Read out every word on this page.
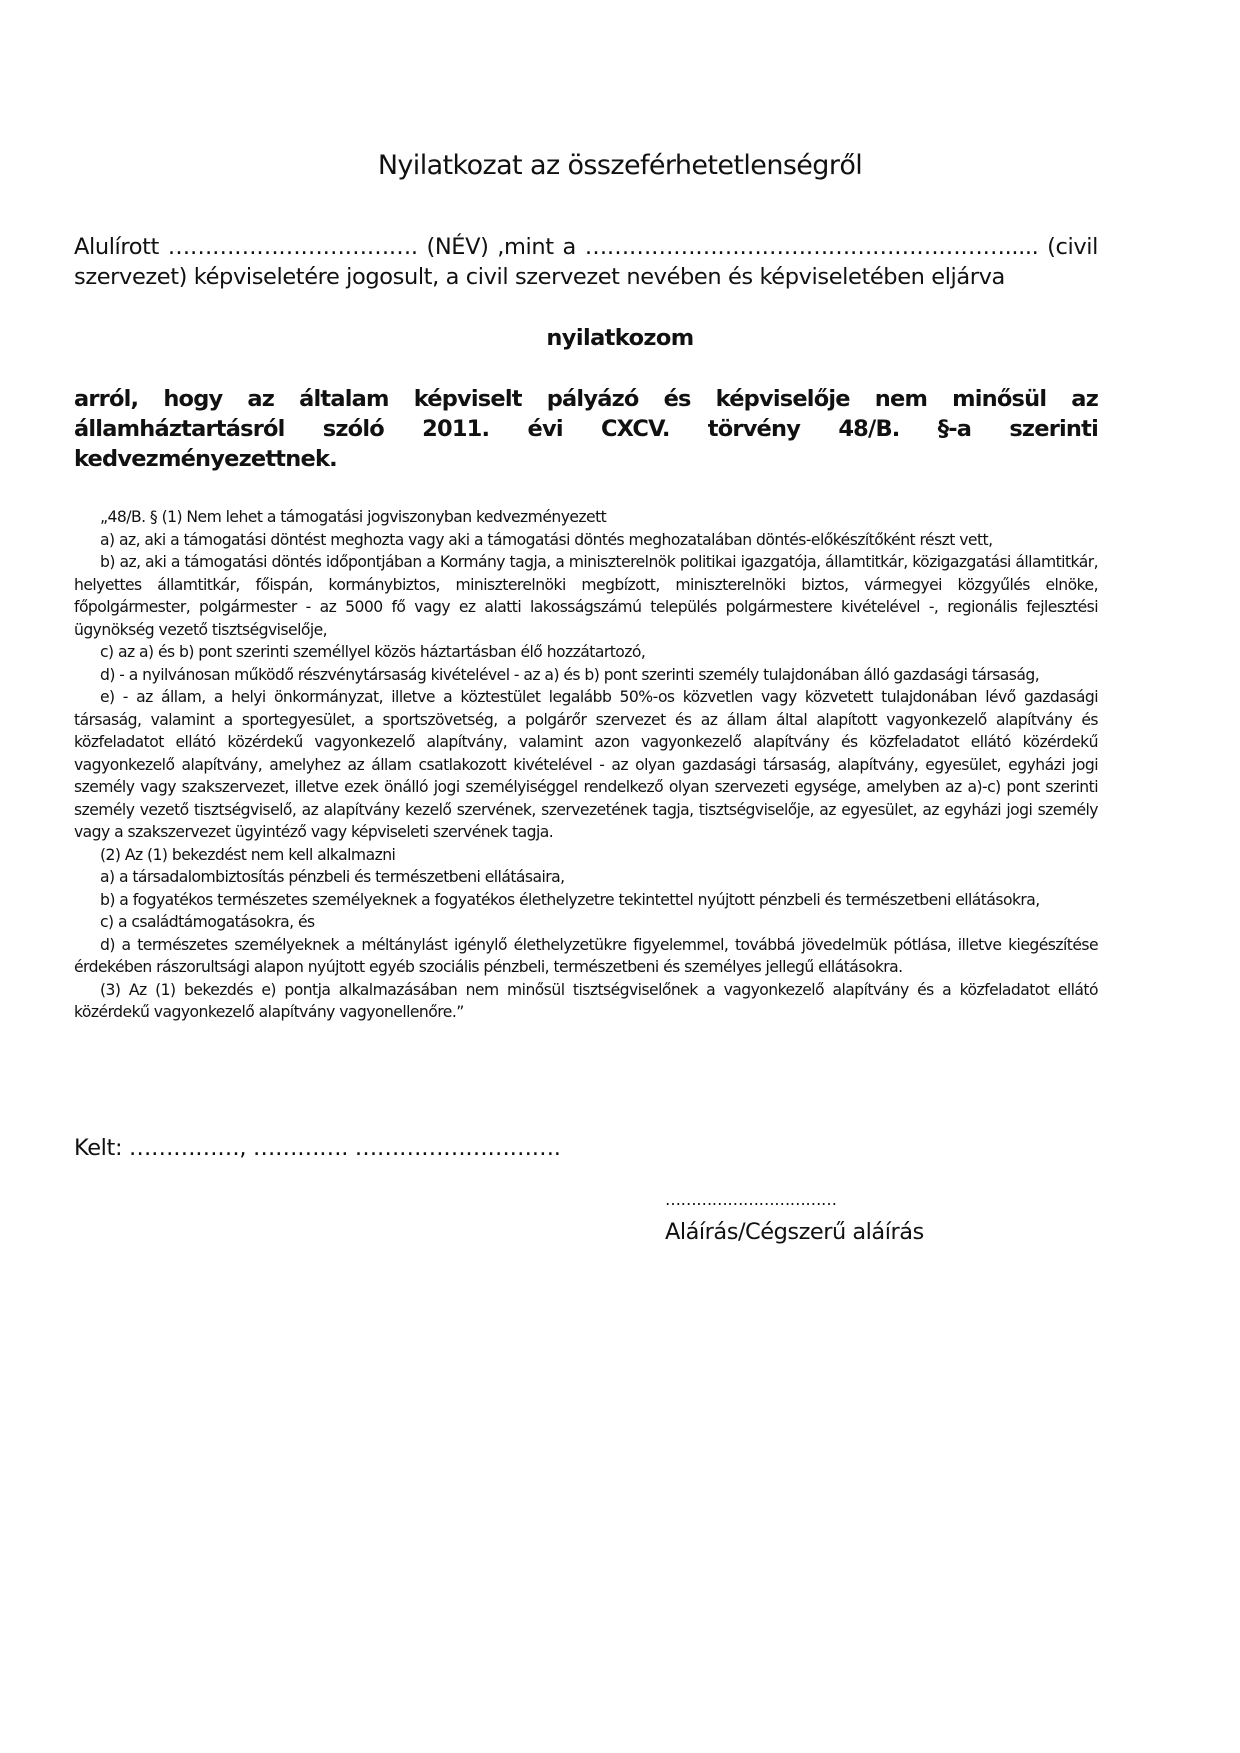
Nyilatkozat az összeférhetetlenségről
Alulírott ……………………………. (NÉV) ,mint a …………………………………………………..... (civil szervezet) képviseletére jogosult, a civil szervezet nevében és képviseletében eljárva
nyilatkozom
arról, hogy az általam képviselt pályázó és képviselője nem minősül az államháztartásról szóló 2011. évi CXCV. törvény 48/B. §-a szerinti kedvezményezettnek.

„48/B. § (1) Nem lehet a támogatási jogviszonyban kedvezményezett

a) az, aki a támogatási döntést meghozta vagy aki a támogatási döntés meghozatalában döntés-előkészítőként részt vett,

b) az, aki a támogatási döntés időpontjában a Kormány tagja, a miniszterelnök politikai igazgatója, államtitkár, közigazgatási államtitkár, helyettes államtitkár, főispán, kormánybiztos, miniszterelnöki megbízott, miniszterelnöki biztos, vármegyei közgyűlés elnöke, főpolgármester, polgármester - az 5000 fő vagy ez alatti lakosságszámú település polgármestere kivételével -, regionális fejlesztési ügynökség vezető tisztségviselője,

c) az a) és b) pont szerinti személlyel közös háztartásban élő hozzátartozó,

d) - a nyilvánosan működő részvénytársaság kivételével - az a) és b) pont szerinti személy tulajdonában álló gazdasági társaság,

e) - az állam, a helyi önkormányzat, illetve a köztestület legalább 50%-os közvetlen vagy közvetett tulajdonában lévő gazdasági társaság, valamint a sportegyesület, a sportszövetség, a polgárőr szervezet és az állam által alapított vagyonkezelő alapítvány és közfeladatot ellátó közérdekű vagyonkezelő alapítvány, valamint azon vagyonkezelő alapítvány és közfeladatot ellátó közérdekű vagyonkezelő alapítvány, amelyhez az állam csatlakozott kivételével - az olyan gazdasági társaság, alapítvány, egyesület, egyházi jogi személy vagy szakszervezet, illetve ezek önálló jogi személyiséggel rendelkező olyan szervezeti egysége, amelyben az a)-c) pont szerinti személy vezető tisztségviselő, az alapítvány kezelő szervének, szervezetének tagja, tisztségviselője, az egyesület, az egyházi jogi személy vagy a szakszervezet ügyintéző vagy képviseleti szervének tagja.

(2) Az (1) bekezdést nem kell alkalmazni

a) a társadalombiztosítás pénzbeli és természetbeni ellátásaira,

b) a fogyatékos természetes személyeknek a fogyatékos élethelyzetre tekintettel nyújtott pénzbeli és természetbeni ellátásokra,

c) a családtámogatásokra, és

d) a természetes személyeknek a méltánylást igénylő élethelyzetükre figyelemmel, továbbá jövedelmük pótlása, illetve kiegészítése érdekében rászorultsági alapon nyújtott egyéb szociális pénzbeli, természetbeni és személyes jellegű ellátásokra.

(3) Az (1) bekezdés e) pontja alkalmazásában nem minősül tisztségviselőnek a vagyonkezelő alapítvány és a közfeladatot ellátó közérdekű vagyonkezelő alapítvány vagyonellenőre.”

Kelt: ……………, …………. ……………………….
……………………………
Aláírás/Cégszerű aláírás
